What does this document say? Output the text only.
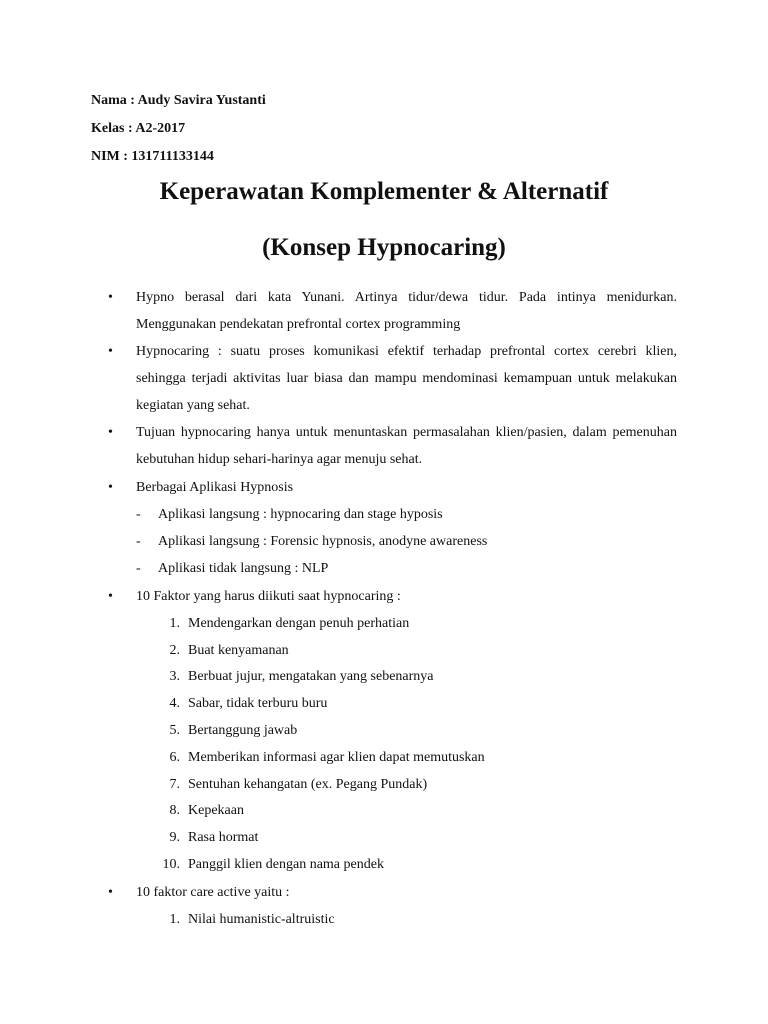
Nama : Audy Savira Yustanti
Kelas : A2-2017
NIM : 131711133144
Keperawatan Komplementer & Alternatif
(Konsep Hypnocaring)
•	Hypno berasal dari kata Yunani. Artinya tidur/dewa tidur. Pada intinya menidurkan. Menggunakan pendekatan prefrontal cortex programming
•	Hypnocaring : suatu proses komunikasi efektif terhadap prefrontal cortex cerebri klien, sehingga terjadi aktivitas luar biasa dan mampu mendominasi kemampuan untuk melakukan kegiatan yang sehat.
•	Tujuan hypnocaring hanya untuk menuntaskan permasalahan klien/pasien, dalam pemenuhan kebutuhan hidup sehari-harinya agar menuju sehat.
•	Berbagai Aplikasi Hypnosis
- Aplikasi langsung : hypnocaring dan stage hyposis
- Aplikasi langsung : Forensic hypnosis, anodyne awareness
- Aplikasi tidak langsung : NLP
•	10 Faktor yang harus diikuti saat hypnocaring :
1. Mendengarkan dengan penuh perhatian
2. Buat kenyamanan
3. Berbuat jujur, mengatakan yang sebenarnya
4. Sabar, tidak terburu buru
5. Bertanggung jawab
6. Memberikan informasi agar klien dapat memutuskan
7. Sentuhan kehangatan (ex. Pegang Pundak)
8. Kepekaan
9. Rasa hormat
10. Panggil klien dengan nama pendek
•	10 faktor care active yaitu :
1. Nilai humanistic-altruistic
